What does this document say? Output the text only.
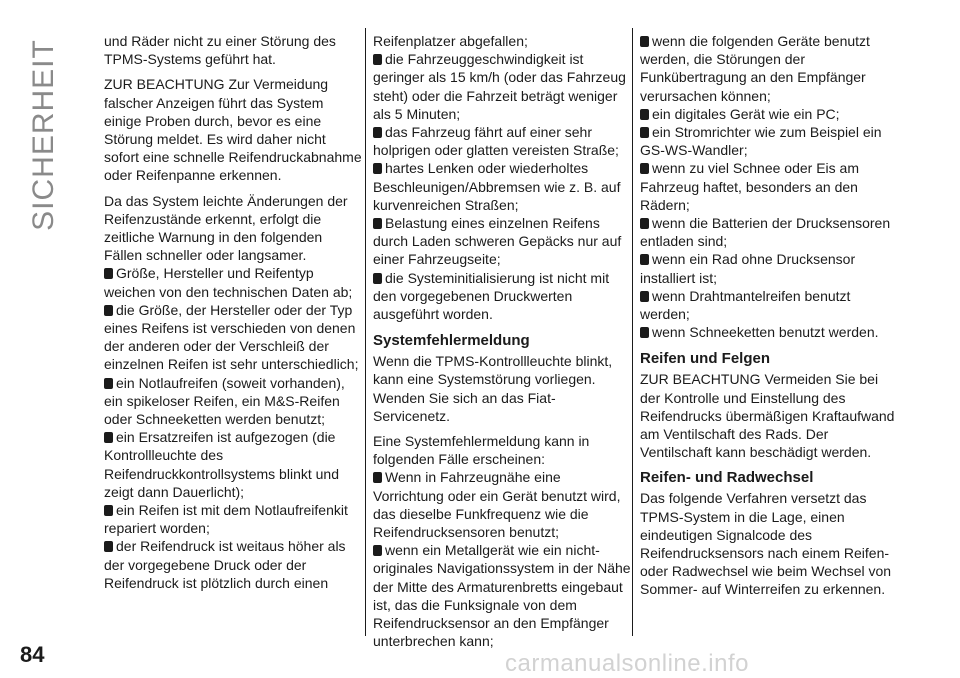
SICHERHEIT
84

und Räder nicht zu einer Störung des TPMS-Systems geführt hat.

ZUR BEACHTUNG Zur Vermeidung falscher Anzeigen führt das System einige Proben durch, bevor es eine Störung meldet. Es wird daher nicht sofort eine schnelle Reifendruckabnahme oder Reifenpanne erkennen.

Da das System leichte Änderungen der Reifenzustände erkennt, erfolgt die zeitliche Warnung in den folgenden Fällen schneller oder langsamer.

Größe, Hersteller und Reifentyp weichen von den technischen Daten ab;
die Größe, der Hersteller oder der Typ eines Reifens ist verschieden von denen der anderen oder der Verschleiß der einzelnen Reifen ist sehr unterschiedlich;
ein Notlaufreifen (soweit vorhanden), ein spikeloser Reifen, ein M&S-Reifen oder Schneeketten werden benutzt;
ein Ersatzreifen ist aufgezogen (die Kontrollleuchte des Reifendruckkontrollsystems blinkt und zeigt dann Dauerlicht);
ein Reifen ist mit dem Notlaufreifenkit repariert worden;
der Reifendruck ist weitaus höher als der vorgegebene Druck oder der Reifendruck ist plötzlich durch einen
Reifenplatzer abgefallen;
die Fahrzeuggeschwindigkeit ist geringer als 15 km/h (oder das Fahrzeug steht) oder die Fahrzeit beträgt weniger als 5 Minuten;
das Fahrzeug fährt auf einer sehr holprigen oder glatten vereisten Straße;
hartes Lenken oder wiederholtes Beschleunigen/Abbremsen wie z. B. auf kurvenreichen Straßen;
Belastung eines einzelnen Reifens durch Laden schweren Gepäcks nur auf einer Fahrzeugseite;
die Systeminitialisierung ist nicht mit den vorgegebenen Druckwerten ausgeführt worden.
Systemfehlermeldung

Wenn die TPMS-Kontrollleuchte blinkt, kann eine Systemstörung vorliegen. Wenden Sie sich an das Fiat-Servicenetz.

Eine Systemfehlermeldung kann in folgenden Fälle erscheinen:

Wenn in Fahrzeugnähe eine Vorrichtung oder ein Gerät benutzt wird, das dieselbe Funkfrequenz wie die Reifendrucksensoren benutzt;
wenn ein Metallgerät wie ein nicht-originales Navigationssystem in der Nähe der Mitte des Armaturenbretts eingebaut ist, das die Funksignale von dem Reifendrucksensor an den Empfänger unterbrechen kann;
wenn die folgenden Geräte benutzt werden, die Störungen der Funkübertragung an den Empfänger verursachen können;
ein digitales Gerät wie ein PC;
ein Stromrichter wie zum Beispiel ein GS-WS-Wandler;
wenn zu viel Schnee oder Eis am Fahrzeug haftet, besonders an den Rädern;
wenn die Batterien der Drucksensoren entladen sind;
wenn ein Rad ohne Drucksensor installiert ist;
wenn Drahtmantelreifen benutzt werden;
wenn Schneeketten benutzt werden.
Reifen und Felgen

ZUR BEACHTUNG Vermeiden Sie bei der Kontrolle und Einstellung des Reifendrucks übermäßigen Kraftaufwand am Ventilschaft des Rads. Der Ventilschaft kann beschädigt werden.

Reifen- und Radwechsel

Das folgende Verfahren versetzt das TPMS-System in die Lage, einen eindeutigen Signalcode des Reifendrucksensors nach einem Reifen- oder Radwechsel wie beim Wechsel von Sommer- auf Winterreifen zu erkennen.

carmanualsonline.info
